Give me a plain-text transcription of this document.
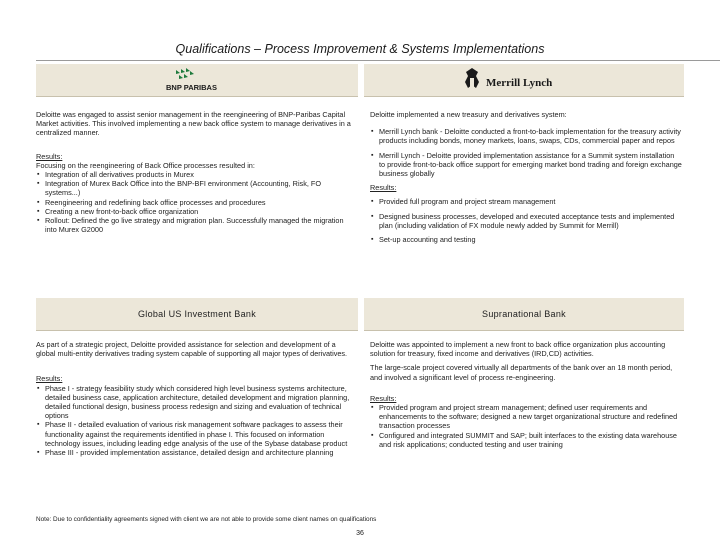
Qualifications – Process Improvement & Systems Implementations
BNP PARIBAS	Merrill Lynch

Deloitte was engaged to assist senior management in the reengineering of BNP-Paribas Capital Market activities. This involved implementing a new back office system to manage derivatives in a centralized manner.

Results:

Focusing on the reengineering of Back Office processes resulted in:

▪ Integration of all derivatives products in Murex
▪ Integration of Murex Back Office into the BNP-BFI environment (Accounting, Risk, FO systems...)
▪ Reengineering and redefining back office processes and procedures
▪ Creating a new front-to-back office organization
▪ Rollout: Defined the go live strategy and migration plan. Successfully managed the migration into Murex G2000

Deloitte implemented a new treasury and derivatives system:

▪ Merrill Lynch bank - Deloitte conducted a front-to-back implementation for the treasury activity products including bonds, money markets, loans, swaps, CDs, commercial paper and repos
▪ Merrill Lynch - Deloitte provided implementation assistance for a Summit system installation to provide front-to-back office support for emerging market bond trading and foreign exchange business globally

Results:

▪ Provided full program and project stream management
▪ Designed business processes, developed and executed acceptance tests and implemented plan (including validation of FX module newly added by Summit for Merrill)
▪ Set-up accounting and testing
Global US Investment Bank	Supranational Bank

As part of a strategic project, Deloitte provided assistance for selection and development of a global multi-entity derivatives trading system capable of supporting all major types of derivatives.

Results:

▪ Phase I - strategy feasibility study which considered high level business systems architecture, detailed business case, application architecture, detailed development and migration planning, detailed functional design, business process redesign and sizing and evaluation of technical options
▪ Phase II - detailed evaluation of various risk management software packages to assess their functionality against the requirements identified in phase I. This focused on information technology issues, including leading edge analysis of the use of the Sybase database product
▪ Phase III - provided implementation assistance, detailed design and architecture planning

Deloitte was appointed to implement a new front to back office organization plus accounting solution for treasury, fixed income and derivatives (IRD,CD) activities.

The large-scale project covered virtually all departments of the bank over an 18 month period, and involved a significant level of process re-engineering.

Results:

▪ Provided program and project stream management; defined user requirements and enhancements to the software; designed a new target organizational structure and redefined transaction processes
▪ Configured and integrated SUMMIT and SAP; built interfaces to the existing data warehouse and risk applications; conducted testing and user training
Note: Due to confidentiality agreements signed with client we are not able to provide some client names on qualifications
36
